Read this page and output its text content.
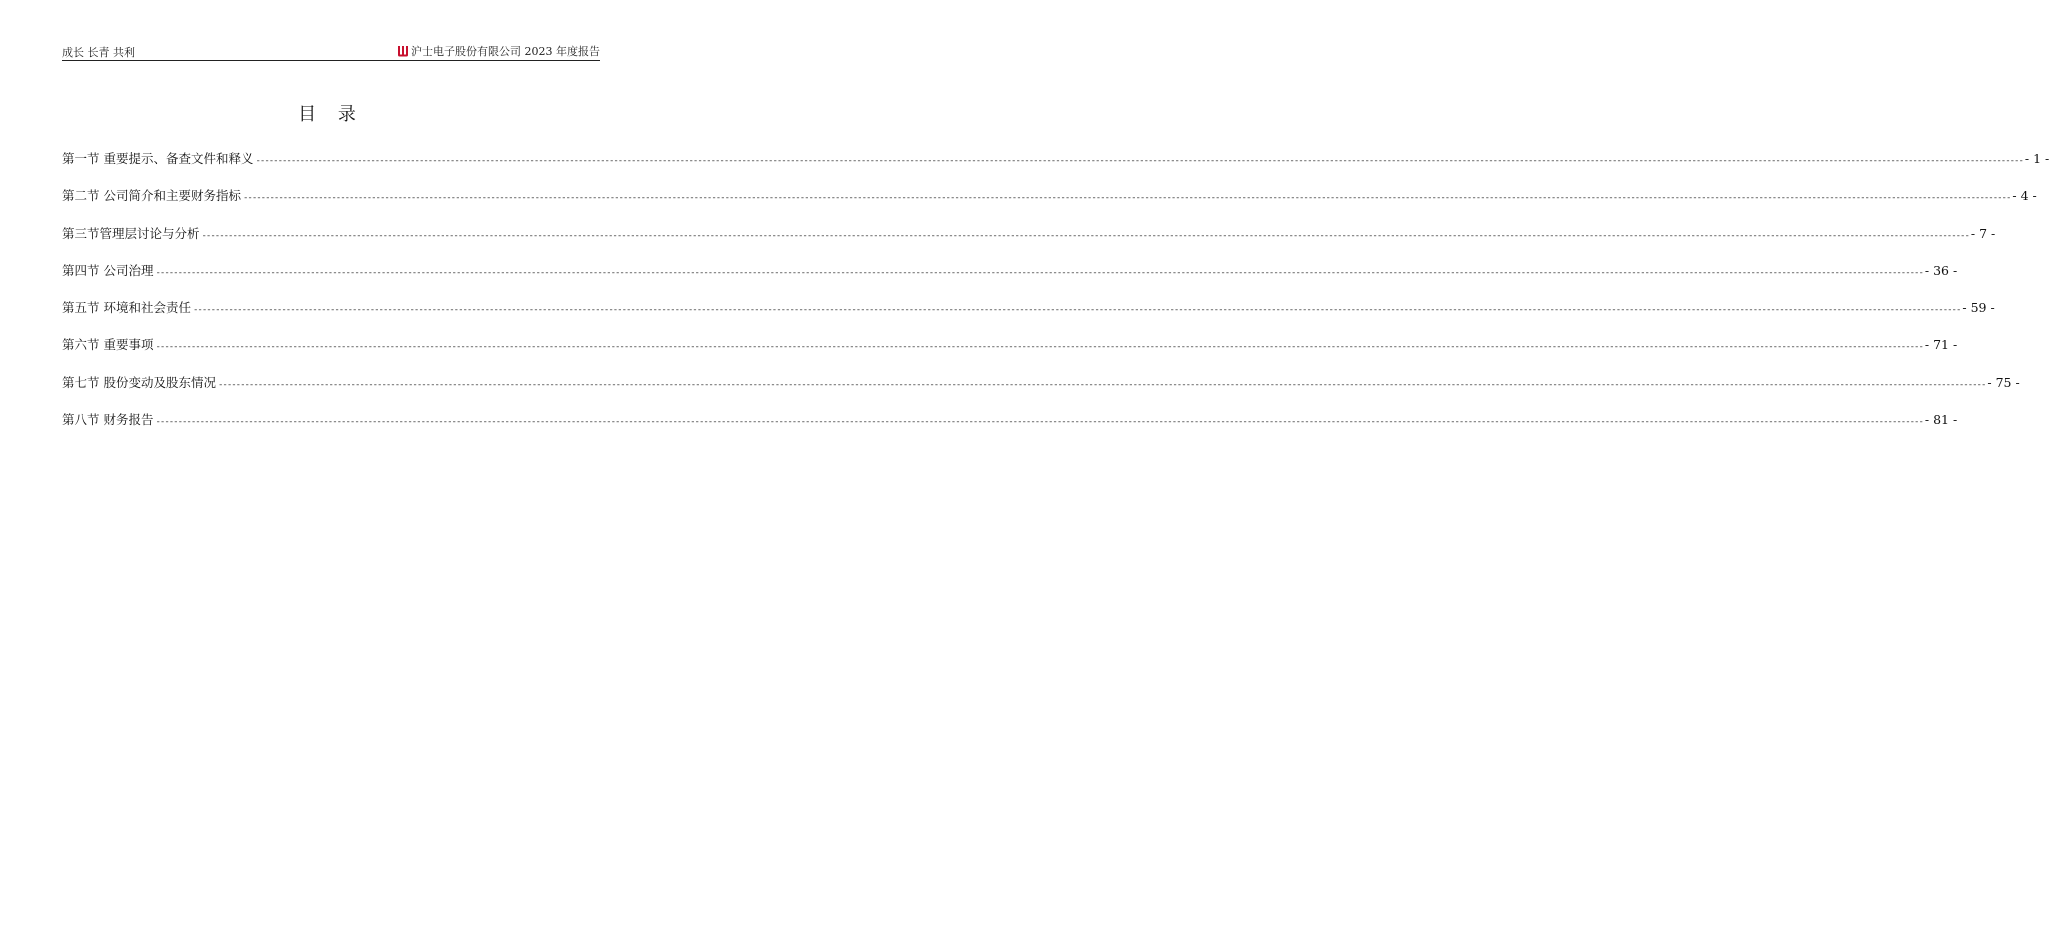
成长 长青 共利	沪士电子股份有限公司 2023 年度报告
目 录
第一节 重要提示、备查文件和释义 ---------------------------------------------------------------------------------------------------------------------------------------------------------------------------------------------------------------------------------------------------------------------------------------------------------------------------------------------------------------------------------------------------------------- - 1 -
第二节 公司简介和主要财务指标 ---------------------------------------------------------------------------------------------------------------------------------------------------------------------------------------------------------------------------------------------------------------------------------------------------------------------------------------------------------------------------------------------------------------- - 4 -
第三节管理层讨论与分析 ---------------------------------------------------------------------------------------------------------------------------------------------------------------------------------------------------------------------------------------------------------------------------------------------------------------------------------------------------------------------------------------------------------------- - 7 -
第四节 公司治理 ---------------------------------------------------------------------------------------------------------------------------------------------------------------------------------------------------------------------------------------------------------------------------------------------------------------------------------------------------------------------------------------------------------------- - 36 -
第五节 环境和社会责任 ---------------------------------------------------------------------------------------------------------------------------------------------------------------------------------------------------------------------------------------------------------------------------------------------------------------------------------------------------------------------------------------------------------------- - 59 -
第六节 重要事项 ---------------------------------------------------------------------------------------------------------------------------------------------------------------------------------------------------------------------------------------------------------------------------------------------------------------------------------------------------------------------------------------------------------------- - 71 -
第七节 股份变动及股东情况 ---------------------------------------------------------------------------------------------------------------------------------------------------------------------------------------------------------------------------------------------------------------------------------------------------------------------------------------------------------------------------------------------------------------- - 75 -
第八节 财务报告 ---------------------------------------------------------------------------------------------------------------------------------------------------------------------------------------------------------------------------------------------------------------------------------------------------------------------------------------------------------------------------------------------------------------- - 81 -
